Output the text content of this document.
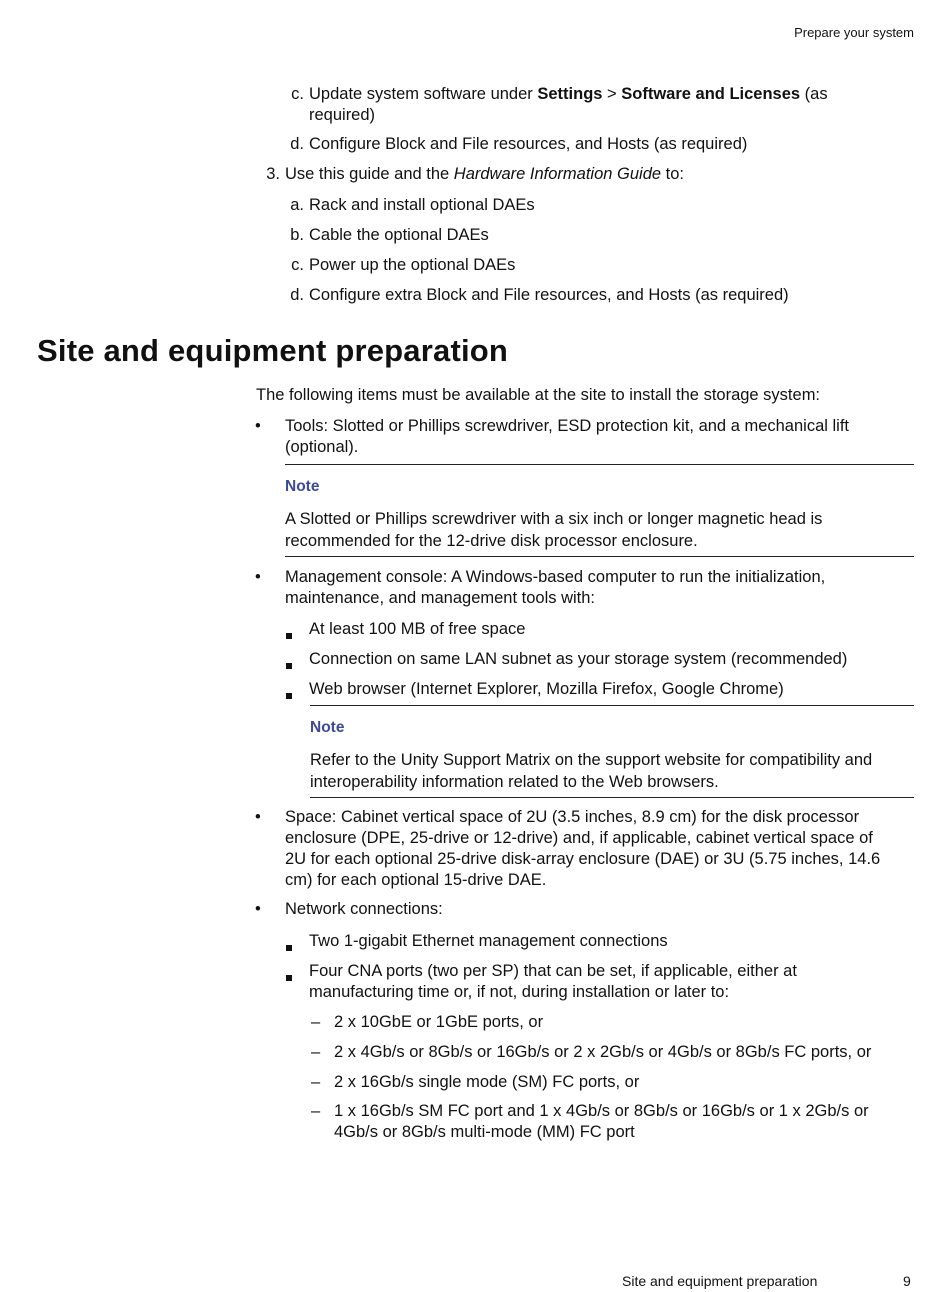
Prepare your system
c. Update system software under Settings > Software and Licenses (as
required)
d. Configure Block and File resources, and Hosts (as required)
3. Use this guide and the Hardware Information Guide to:
a. Rack and install optional DAEs
b. Cable the optional DAEs
c. Power up the optional DAEs
d. Configure extra Block and File resources, and Hosts (as required)
Site and equipment preparation
The following items must be available at the site to install the storage system:
• Tools: Slotted or Phillips screwdriver, ESD protection kit, and a mechanical lift
(optional).
Note
A Slotted or Phillips screwdriver with a six inch or longer magnetic head is
recommended for the 12-drive disk processor enclosure.
• Management console: A Windows-based computer to run the initialization,
maintenance, and management tools with:
At least 100 MB of free space
Connection on same LAN subnet as your storage system (recommended)
Web browser (Internet Explorer, Mozilla Firefox, Google Chrome)
Note
Refer to the Unity Support Matrix on the support website for compatibility and
interoperability information related to the Web browsers.
• Space: Cabinet vertical space of 2U (3.5 inches, 8.9 cm) for the disk processor
enclosure (DPE, 25-drive or 12-drive) and, if applicable, cabinet vertical space of
2U for each optional 25-drive disk-array enclosure (DAE) or 3U (5.75 inches, 14.6
cm) for each optional 15-drive DAE.
• Network connections:
Two 1-gigabit Ethernet management connections
Four CNA ports (two per SP) that can be set, if applicable, either at
manufacturing time or, if not, during installation or later to:
– 2 x 10GbE or 1GbE ports, or
– 2 x 4Gb/s or 8Gb/s or 16Gb/s or 2 x 2Gb/s or 4Gb/s or 8Gb/s FC ports, or
– 2 x 16Gb/s single mode (SM) FC ports, or
– 1 x 16Gb/s SM FC port and 1 x 4Gb/s or 8Gb/s or 16Gb/s or 1 x 2Gb/s or
4Gb/s or 8Gb/s multi-mode (MM) FC port
Site and equipment preparation	9
